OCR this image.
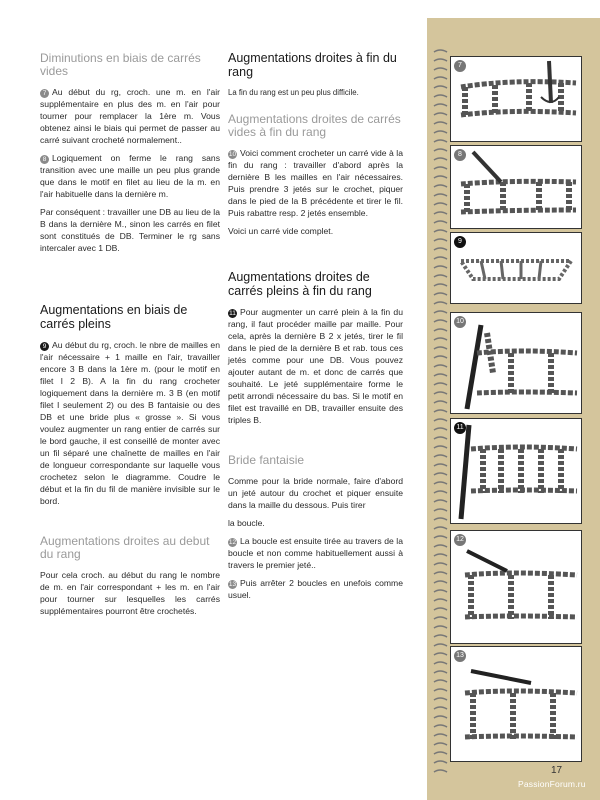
Diminutions en biais de carrés vides

7 Au début du rg, croch. une m. en l'air supplémentaire en plus des m. en l'air pour tourner pour remplacer la 1ère m. Vous obtenez ainsi le biais qui permet de passer au carré suivant crocheté normalement..

8 Logiquement on ferme le rang sans transition avec une maille un peu plus grande que dans le motif en filet au lieu de la m. en l'air habituelle dans la dernière m.

Par conséquent : travailler une DB au lieu de la B dans la dernière M., sinon les carrés en filet sont constitués de DB. Terminer le rg sans intercaler avec 1 DB.

Augmentations en biais de carrés pleins

9 Au début du rg, croch. le nbre de mailles en l'air nécessaire + 1 maille en l'air, travailler encore 3 B dans la 1ère m. (pour le motif en filet I 2 B). A la fin du rang crocheter logiquement dans la dernière m. 3 B (en motif filet I seulement 2) ou des B fantaisie ou des DB et une bride plus « grosse ». Si vous voulez augmenter un rang entier de carrés sur le bord gauche, il est conseillé de monter avec un fil séparé une chaînette de mailles en l'air de longueur correspondante sur laquelle vous crochetez selon le diagramme. Coudre le début et la fin du fil de manière invisible sur le bord.

Augmentations droites au debut du rang

Pour cela croch. au début du rang le nombre de m. en l'air correspondant + les m. en l'air pour tourner sur lesquelles les carrés supplémentaires pourront être crochetés.

Augmentations droites à fin du rang

La fin du rang est un peu plus difficile.

Augmentations droites de carrés vides à fin du rang

10 Voici comment crocheter un carré vide à la fin du rang : travailler d'abord après la dernière B les mailles en l'air nécessaires. Puis prendre 3 jetés sur le crochet, piquer dans le pied de la B précédente et tirer le fil. Puis rabattre resp. 2 jetés ensemble.

Voici un carré vide complet.

Augmentations droites de carrés pleins à fin du rang

11 Pour augmenter un carré plein à la fin du rang, il faut procéder maille par maille. Pour cela, après la dernière B 2 x jetés, tirer le fil dans le pied de la dernière B et rab. tous ces jetés comme pour une DB. Vous pouvez ajouter autant de m. et donc de carrés que souhaité. Le jeté supplémentaire forme le petit arrondi nécessaire du bas. Si le motif en filet est travaillé en DB, travailler ensuite des triples B.

Bride fantaisie

Comme pour la bride normale, faire d'abord un jeté autour du crochet et piquer ensuite dans la maille du dessous. Puis tirer

la boucle.

12 La boucle est ensuite tirée au travers de la boucle et non comme habituellement aussi à travers le premier jeté..

13 Puis arrêter 2 boucles en unefois comme usuel.

7
8
9
10
11
12
13
17
PassionForum.ru
